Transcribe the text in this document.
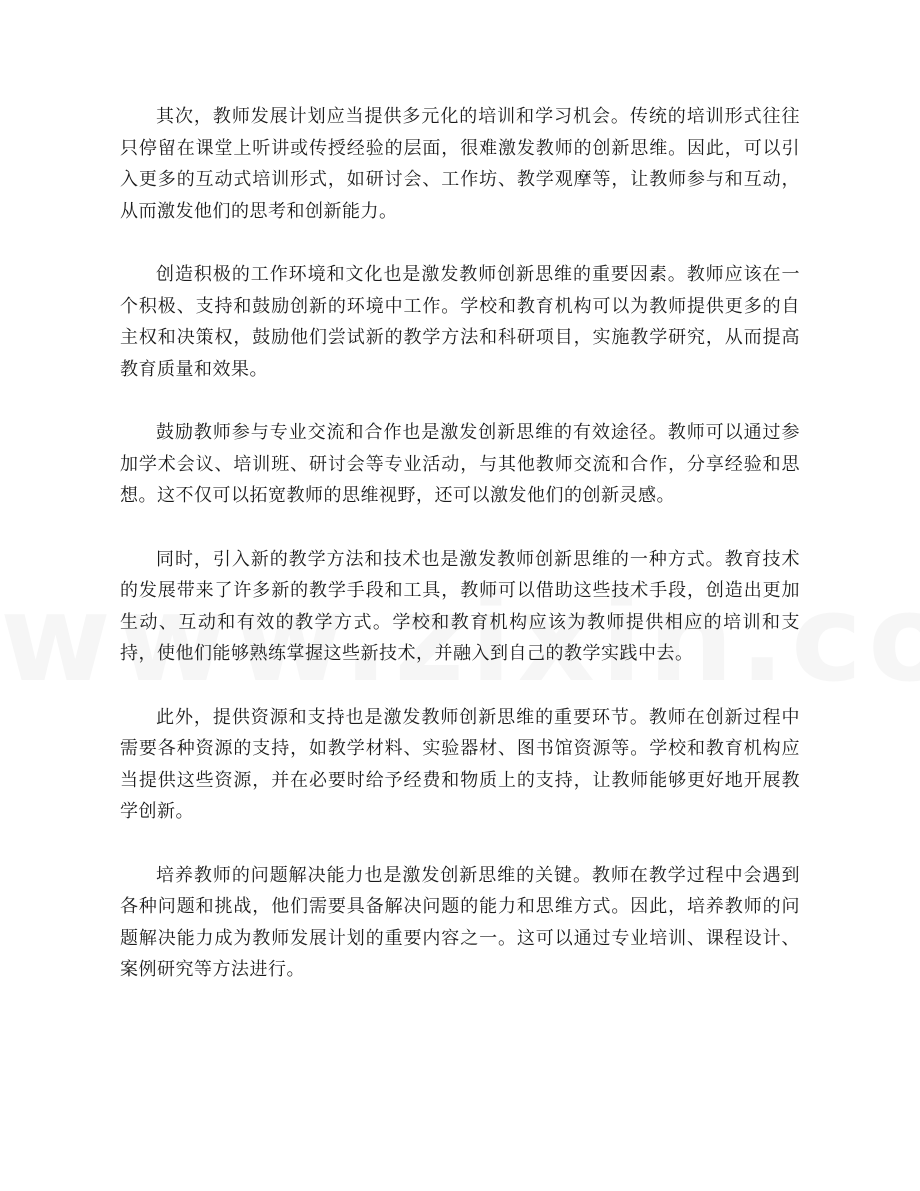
其次，教师发展计划应当提供多元化的培训和学习机会。传统的培训形式往往只停留在课堂上听讲或传授经验的层面，很难激发教师的创新思维。因此，可以引入更多的互动式培训形式，如研讨会、工作坊、教学观摩等，让教师参与和互动，从而激发他们的思考和创新能力。

创造积极的工作环境和文化也是激发教师创新思维的重要因素。教师应该在一个积极、支持和鼓励创新的环境中工作。学校和教育机构可以为教师提供更多的自主权和决策权，鼓励他们尝试新的教学方法和科研项目，实施教学研究，从而提高教育质量和效果。

鼓励教师参与专业交流和合作也是激发创新思维的有效途径。教师可以通过参加学术会议、培训班、研讨会等专业活动，与其他教师交流和合作，分享经验和思想。这不仅可以拓宽教师的思维视野，还可以激发他们的创新灵感。

同时，引入新的教学方法和技术也是激发教师创新思维的一种方式。教育技术的发展带来了许多新的教学手段和工具，教师可以借助这些技术手段，创造出更加生动、互动和有效的教学方式。学校和教育机构应该为教师提供相应的培训和支持，使他们能够熟练掌握这些新技术，并融入到自己的教学实践中去。

此外，提供资源和支持也是激发教师创新思维的重要环节。教师在创新过程中需要各种资源的支持，如教学材料、实验器材、图书馆资源等。学校和教育机构应当提供这些资源，并在必要时给予经费和物质上的支持，让教师能够更好地开展教学创新。

培养教师的问题解决能力也是激发创新思维的关键。教师在教学过程中会遇到各种问题和挑战，他们需要具备解决问题的能力和思维方式。因此，培养教师的问题解决能力成为教师发展计划的重要内容之一。这可以通过专业培训、课程设计、案例研究等方法进行。
